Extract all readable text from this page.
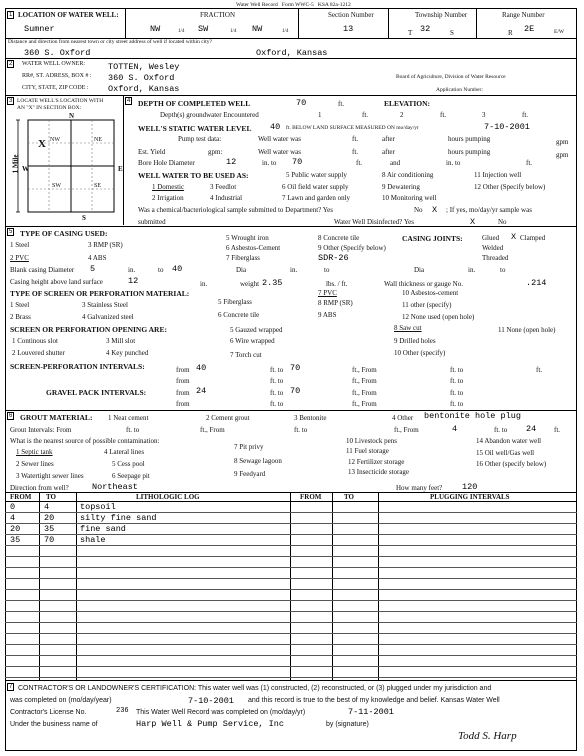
Water Well Record Form WWC-5 KSA 82a-1212
1 LOCATION OF WATER WELL:
Sumner
FRACTION
NW	1/4 SW	1/4 NW	1/4
Section Number
13
Township Number
T 32	S
Range Number
R 2E	E/W
Distance and direction from nearest town or city street address of well if located within city?
360 S. Oxford	Oxford, Kansas
2	WATER WELL OWNER:	TOTTEN, Wesley
RR#, ST. ADRESS, BOX # : 360 S. Oxford
CITY, STATE, ZIP CODE : Oxford, Kansas
Board of Agriculture, Division of Water Resource
Application Number:
3 LOCATE WELL'S LOCATION WITH
AN "X" IN SECTION BOX:
N
S
E
W
1 Mile
NW	NE
SW	SE
X
4 DEPTH OF COMPLETED WELL	70	ft.	ELEVATION:
Depth(s) groundwater Encountered	1	ft.	2	ft.	3	ft.
WELL'S STATIC WATER LEVEL 40 ft. BELOW LAND SURFACE MEASURED ON mo/day/yr	7-10-2001
Pump test data:	Well water was	ft.	after	hours pumping	gpm
Est. Yield	gpm:	Well water was	ft.	after	hours pumping	gpm
Bore Hole Diameter	12	in. to 70	ft.	and	in. to	ft.
WELL WATER TO BE USED AS:	5 Public water supply	8 Air conditioning	11 Injection well
1 Domestic	3 Feedlot	6 Oil field water supply	9 Dewatering	12 Other (Specify below)
2 Irrigation	4 Industrial	7 Lawn and garden only	10 Monitoring well
Was a chemical/bacteriological sample submitted to Department? Yes	No X ; If yes, mo/day/yr sample was
submitted	Water Well Disinfected? Yes	X	No
5 TYPE OF CASING USED:
1 Steel	3 RMP (SR)
5 Wrought iron	8 Concrete tile
2 PVC	4 ABS
6 Asbestos-Cement	9 Other (Specify below)
7 Fiberglass	SDR-26
CASING JOINTS:	Glued X Clamped
Welded
Threaded
Blank casing Diameter 5	in.	to 40	Dia	in.	to	Dia	in.	to
Casing height above land surface	12	in.	weight 2.35	lbs. / ft.	Wall thickness or gauge No.	.214
TYPE OF SCREEN OR PERFORATION MATERIAL:
1 Steel	3 Stainless Steel	5 Fiberglass
7 PVC	10 Asbestos-cement
2 Brass	4 Galvanized steel	6 Concrete tile
8 RMP (SR)	11 other (specify)
9 ABS	12 None used (open hole)
SCREEN OR PERFORATION OPENING ARE:	5 Gauzed wrapped	8 Saw cut	11 None (open hole)
1 Continous slot	3 Mill slot	6 Wire wrapped	9 Drilled holes
2 Louvered shutter	4 Key punched	7 Torch cut	10 Other (specify)
SCREEN-PERFORATION INTERVALS:	from 40	ft. to 70	ft., From	ft. to	ft.
from	ft. to	ft., From	ft. to
GRAVEL PACK INTERVALS:	from 24	ft. to 70	ft., From	ft. to
from	ft. to	ft., From	ft. to
6 GROUT MATERIAL: 1 Neat cement	2 Cement grout	3 Bentonite	4 Other bentonite hole plug
Grout Intervals: From	ft. to	ft., From	ft. to	ft., From	4	ft. to 24	ft.
What is the nearest source of possible contamination:
1 Septic tank	4 Lateral lines
7 Pit privy
10 Livestock pens	14 Abandon water well
2 Sewer lines	5 Cess pool	8 Sewage lagoon
11 Fuel storage	15 Oil well/Gas well
3 Watertight sewer lines	6 Seepage pit	9 Feedyard
12 Fertilizer storage	16 Other (specify below)
13 Insecticide storage
Direction from well?	Northeast	How many feet? 120
FROM TO	LITHOLOGIC LOG	FROM	TO	PLUGGING INTERVALS
0	4	topsoil
4	20	silty fine sand
20	35	fine sand
35	70	shale
7 CONTRACTOR'S OR LANDOWNER'S CERTIFICATION: This water well was (1) constructed, (2) reconstructed, or (3) plugged under my jurisdiction and
was completed on (mo/day/year)	7-10-2001 and this record is true to the best of my knowledge and belief. Kansas Water Well
Contractor's License No.	236 This Water Well Record was completed on (mo/day/yr)	7-11-2001
Under the business name of	Harp Well & Pump Service, Inc	by (signature)
Todd S. Harp
